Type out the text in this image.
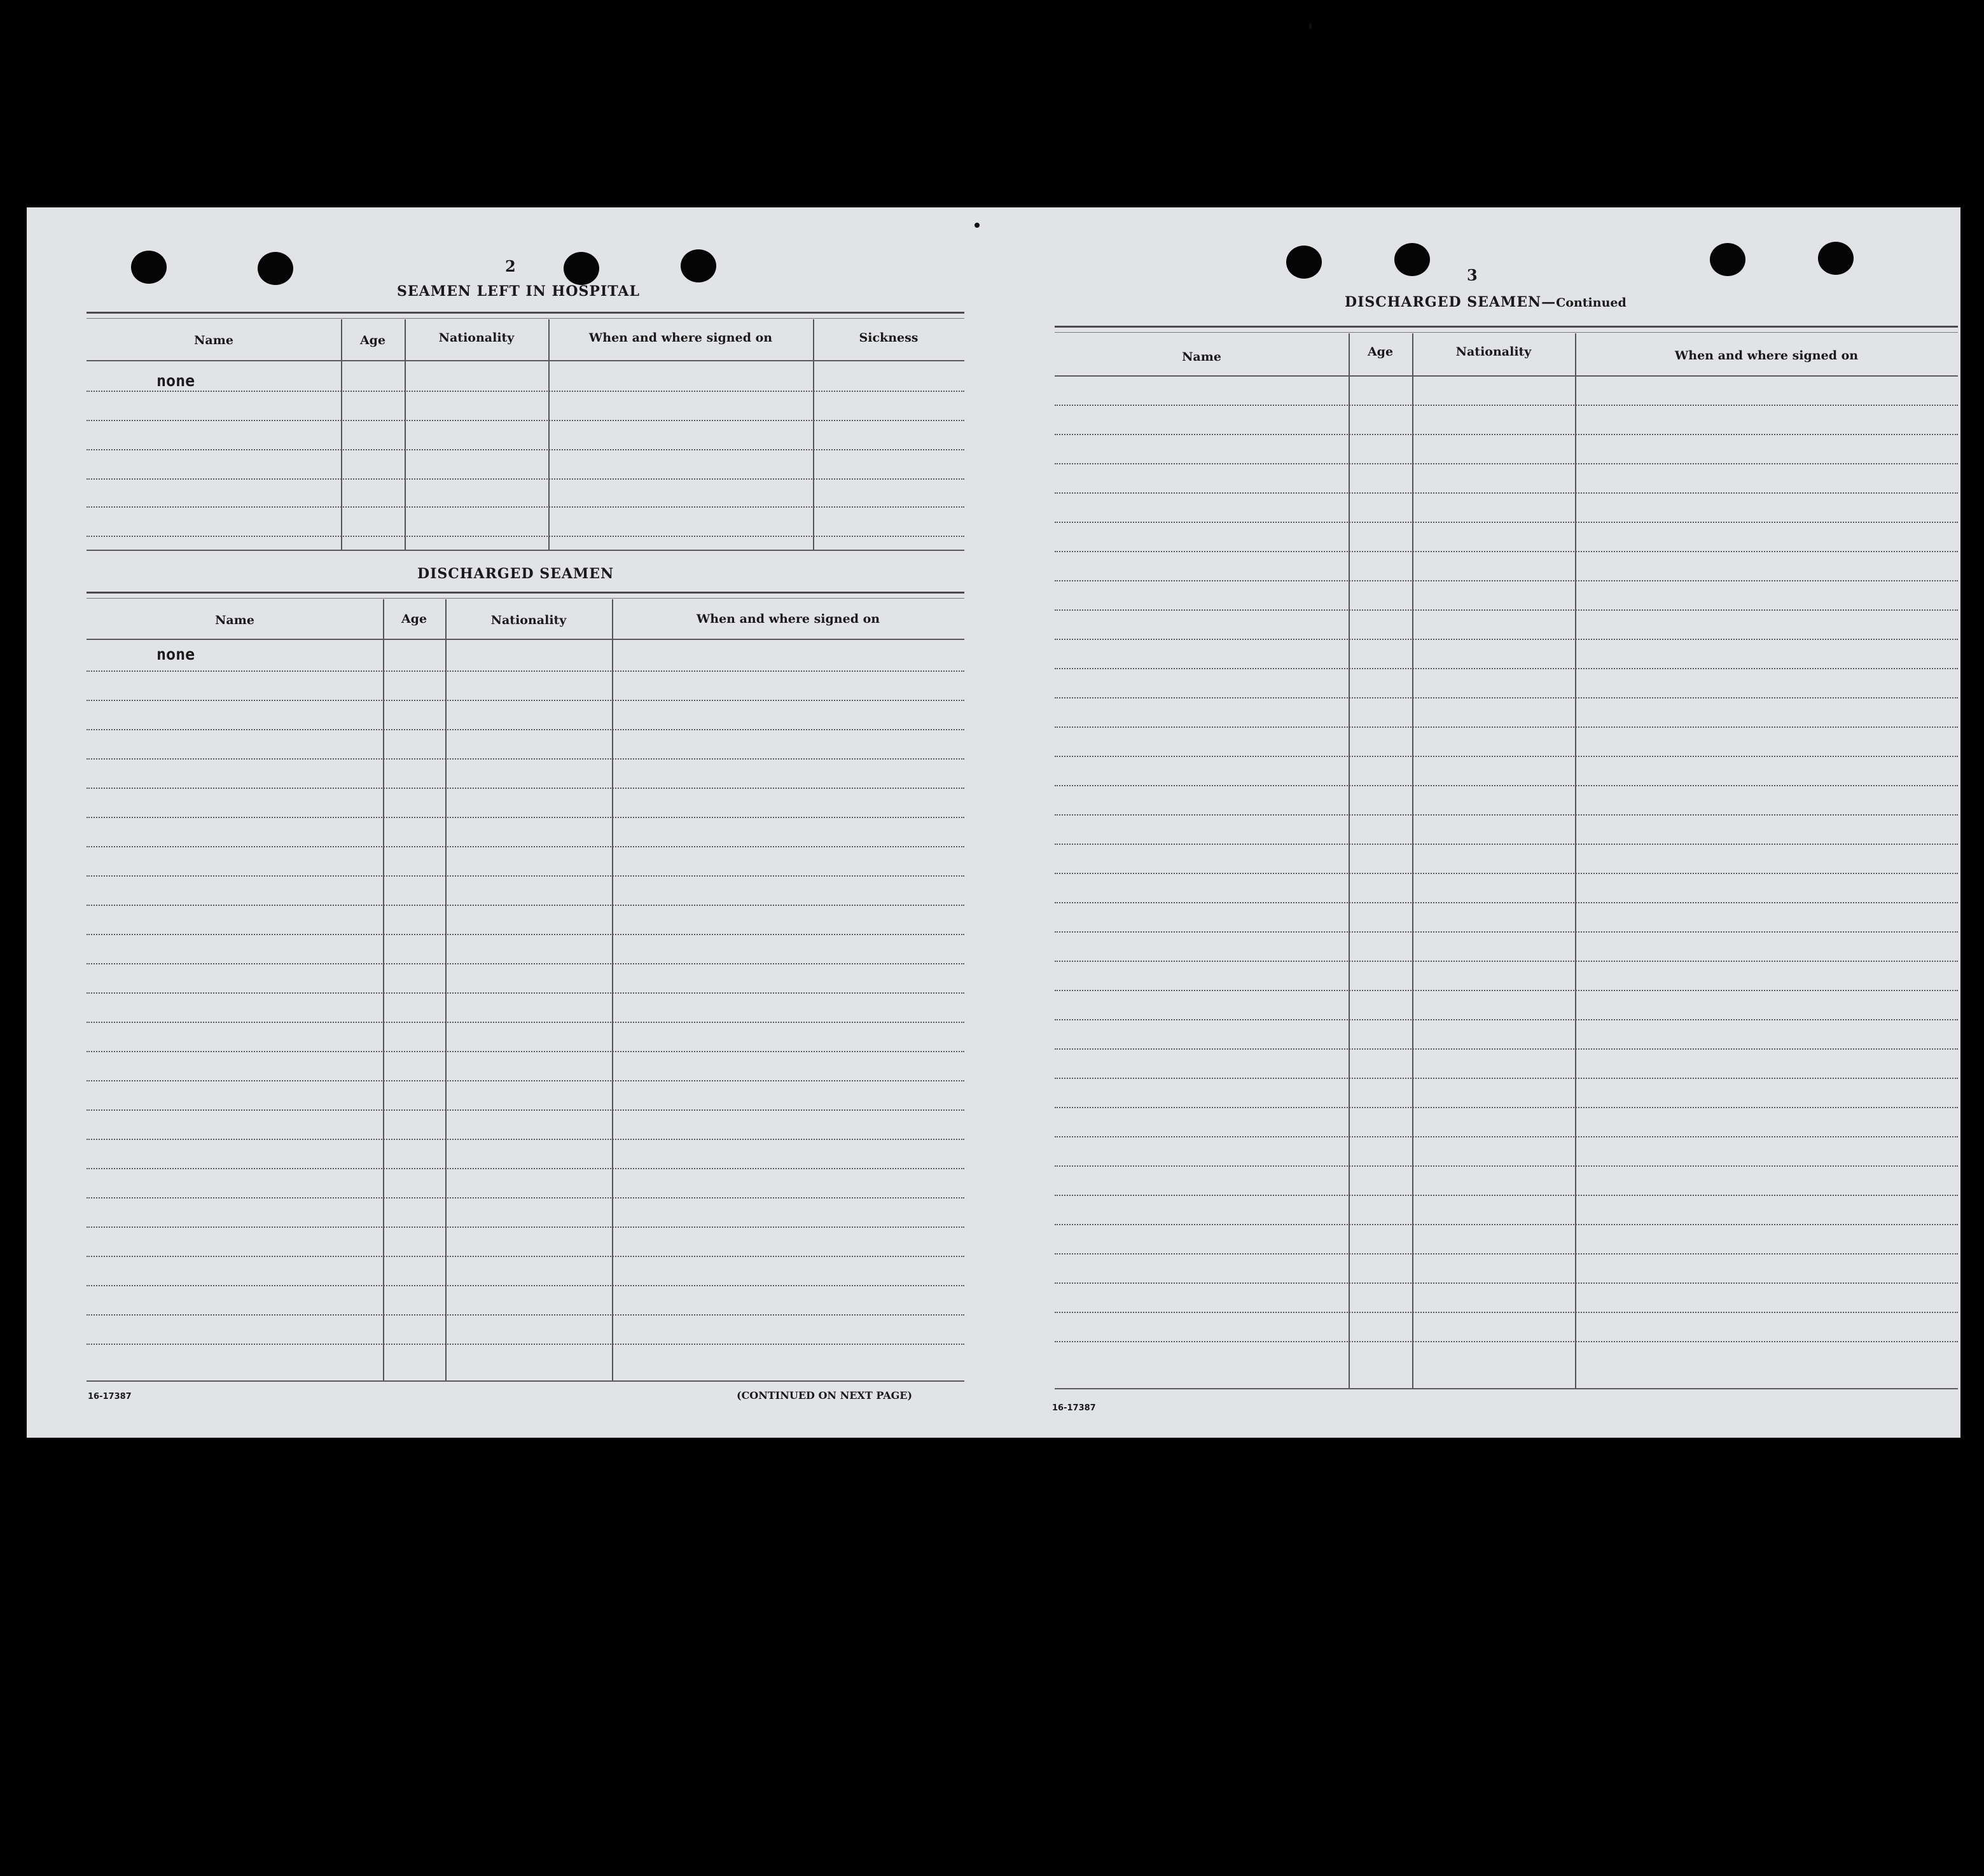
2
SEAMEN LEFT IN HOSPITAL
Name	Age	Nationality	When and where signed on	Sickness
none
DISCHARGED SEAMEN
Name	Age	Nationality	When and where signed on
none
16-17387	(CONTINUED ON NEXT PAGE)
3
DISCHARGED SEAMEN—Continued
Name	Age	Nationality	When and where signed on
16-17387
